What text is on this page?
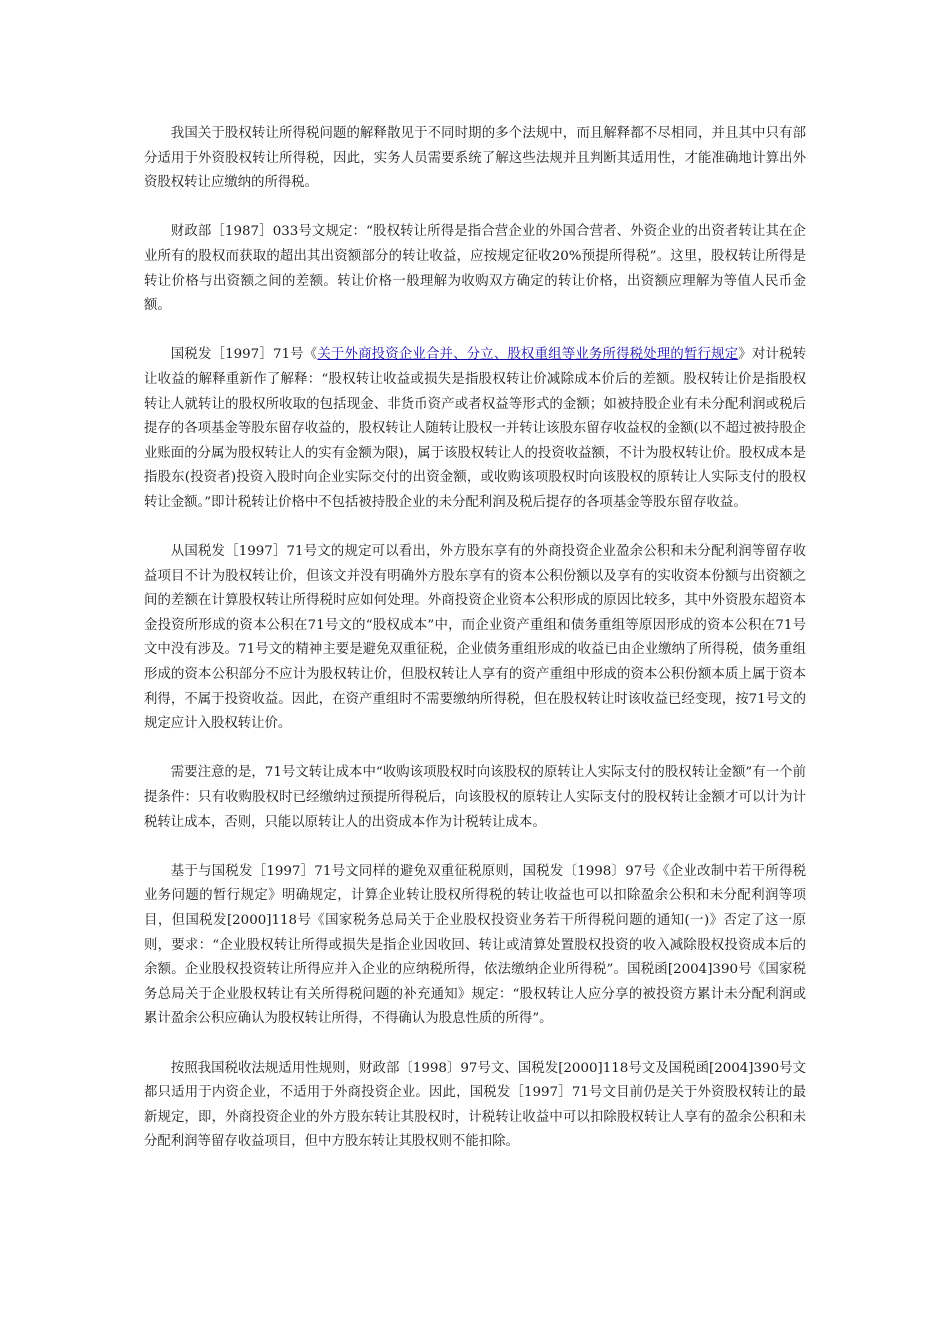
我国关于股权转让所得税问题的解释散见于不同时期的多个法规中，而且解释都不尽相同，并且其中只有部分适用于外资股权转让所得税，因此，实务人员需要系统了解这些法规并且判断其适用性，才能准确地计算出外资股权转让应缴纳的所得税。

财政部［1987］033号文规定：“股权转让所得是指合营企业的外国合营者、外资企业的出资者转让其在企业所有的股权而获取的超出其出资额部分的转让收益，应按规定征收20%预提所得税”。这里，股权转让所得是转让价格与出资额之间的差额。转让价格一般理解为收购双方确定的转让价格，出资额应理解为等值人民币金额。

国税发［1997］71号《关于外商投资企业合并、分立、股权重组等业务所得税处理的暂行规定》对计税转让收益的解释重新作了解释：“股权转让收益或损失是指股权转让价减除成本价后的差额。股权转让价是指股权转让人就转让的股权所收取的包括现金、非货币资产或者权益等形式的金额；如被持股企业有未分配利润或税后提存的各项基金等股东留存收益的，股权转让人随转让股权一并转让该股东留存收益权的金额(以不超过被持股企业账面的分属为股权转让人的实有金额为限)，属于该股权转让人的投资收益额，不计为股权转让价。股权成本是指股东(投资者)投资入股时向企业实际交付的出资金额，或收购该项股权时向该股权的原转让人实际支付的股权转让金额。”即计税转让价格中不包括被持股企业的未分配利润及税后提存的各项基金等股东留存收益。

从国税发［1997］71号文的规定可以看出，外方股东享有的外商投资企业盈余公积和未分配利润等留存收益项目不计为股权转让价，但该文并没有明确外方股东享有的资本公积份额以及享有的实收资本份额与出资额之间的差额在计算股权转让所得税时应如何处理。外商投资企业资本公积形成的原因比较多，其中外资股东超资本金投资所形成的资本公积在71号文的“股权成本”中，而企业资产重组和债务重组等原因形成的资本公积在71号文中没有涉及。71号文的精神主要是避免双重征税，企业债务重组形成的收益已由企业缴纳了所得税，债务重组形成的资本公积部分不应计为股权转让价，但股权转让人享有的资产重组中形成的资本公积份额本质上属于资本利得，不属于投资收益。因此，在资产重组时不需要缴纳所得税，但在股权转让时该收益已经变现，按71号文的规定应计入股权转让价。

需要注意的是，71号文转让成本中“收购该项股权时向该股权的原转让人实际支付的股权转让金额”有一个前提条件：只有收购股权时已经缴纳过预提所得税后，向该股权的原转让人实际支付的股权转让金额才可以计为计税转让成本，否则，只能以原转让人的出资成本作为计税转让成本。

基于与国税发［1997］71号文同样的避免双重征税原则，国税发〔1998〕97号《企业改制中若干所得税业务问题的暂行规定》明确规定，计算企业转让股权所得税的转让收益也可以扣除盈余公积和未分配利润等项目，但国税发[2000]118号《国家税务总局关于企业股权投资业务若干所得税问题的通知(一)》否定了这一原则，要求：“企业股权转让所得或损失是指企业因收回、转让或清算处置股权投资的收入减除股权投资成本后的余额。企业股权投资转让所得应并入企业的应纳税所得，依法缴纳企业所得税”。国税函[2004]390号《国家税务总局关于企业股权转让有关所得税问题的补充通知》规定：“股权转让人应分享的被投资方累计未分配利润或累计盈余公积应确认为股权转让所得，不得确认为股息性质的所得”。

按照我国税收法规适用性规则，财政部〔1998〕97号文、国税发[2000]118号文及国税函[2004]390号文都只适用于内资企业，不适用于外商投资企业。因此，国税发［1997］71号文目前仍是关于外资股权转让的最新规定，即，外商投资企业的外方股东转让其股权时，计税转让收益中可以扣除股权转让人享有的盈余公积和未分配利润等留存收益项目，但中方股东转让其股权则不能扣除。
